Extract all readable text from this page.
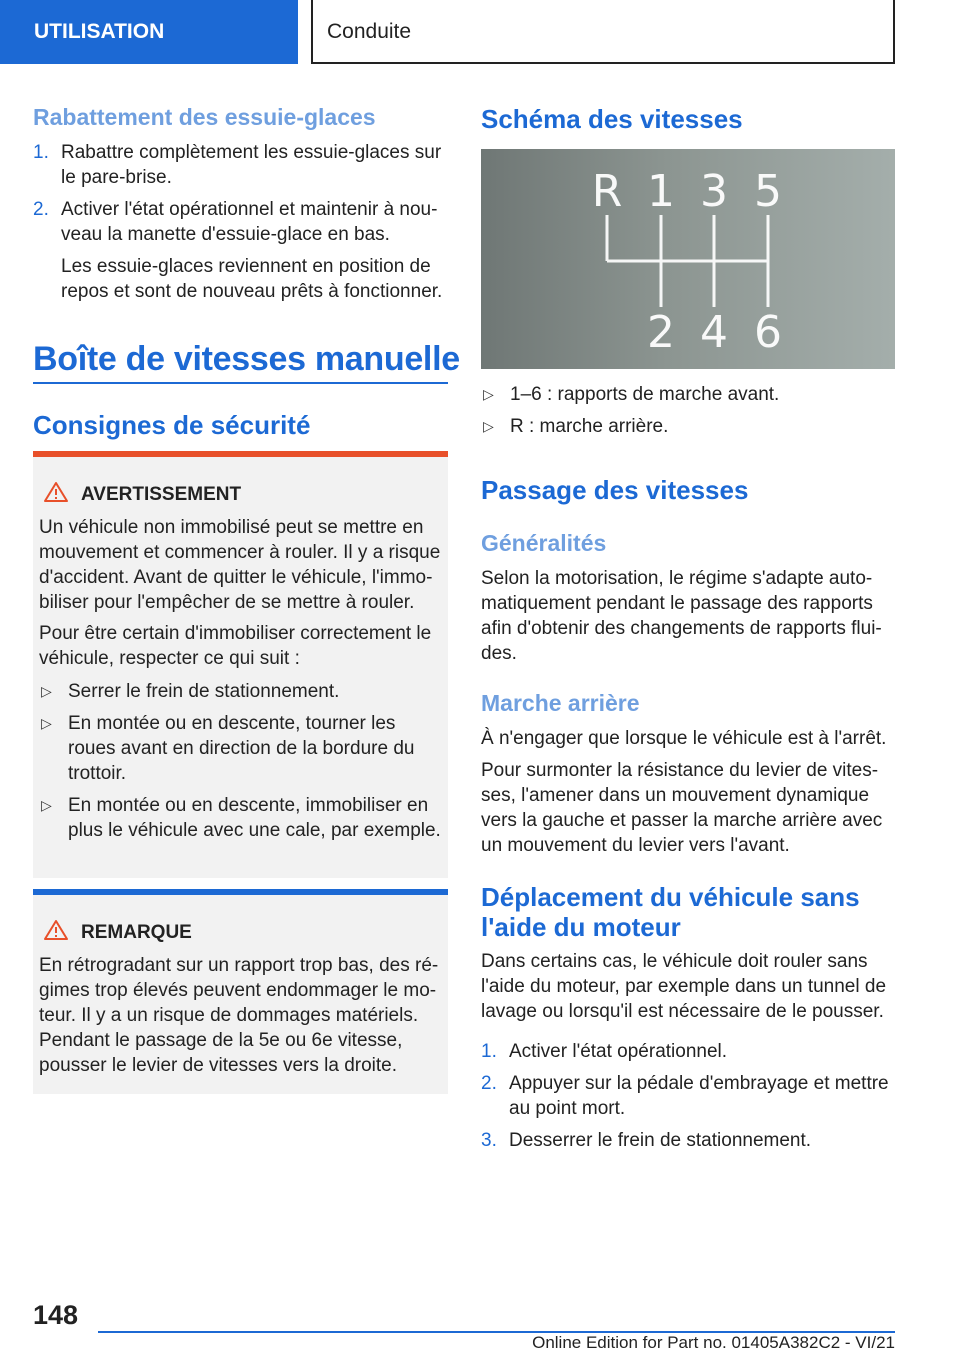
UTILISATION	Conduite
Rabattement des essuie-glaces
1. Rabattre complètement les essuie-glaces sur le pare-brise.
2. Activer l'état opérationnel et maintenir à nou-veau la manette d'essuie-glace en bas.

Les essuie-glaces reviennent en position de repos et sont de nouveau prêts à fonctionner.

Boîte de vitesses manuelle
Consignes de sécurité
AVERTISSEMENT

Un véhicule non immobilisé peut se mettre en mouvement et commencer à rouler. Il y a risque d'accident. Avant de quitter le véhicule, l'immo-biliser pour l'empêcher de se mettre à rouler.

Pour être certain d'immobiliser correctement le véhicule, respecter ce qui suit :

▷ Serrer le frein de stationnement.
▷ En montée ou en descente, tourner les roues avant en direction de la bordure du trottoir.
▷ En montée ou en descente, immobiliser en plus le véhicule avec une cale, par exemple.
REMARQUE

En rétrogradant sur un rapport trop bas, des ré-gimes trop élevés peuvent endommager le mo-teur. Il y a un risque de dommages matériels. Pendant le passage de la 5e ou 6e vitesse, pousser le levier de vitesses vers la droite.

Schéma des vitesses
R 1 3 5
2 4 6
▷ 1–6 : rapports de marche avant.
▷ R : marche arrière.
Passage des vitesses
Généralités

Selon la motorisation, le régime s'adapte auto-matiquement pendant le passage des rapports afin d'obtenir des changements de rapports flui-des.

Marche arrière

À n'engager que lorsque le véhicule est à l'arrêt.

Pour surmonter la résistance du levier de vites-ses, l'amener dans un mouvement dynamique vers la gauche et passer la marche arrière avec un mouvement du levier vers l'avant.

Déplacement du véhicule sans l'aide du moteur

Dans certains cas, le véhicule doit rouler sans l'aide du moteur, par exemple dans un tunnel de lavage ou lorsqu'il est nécessaire de le pousser.

1. Activer l'état opérationnel.
2. Appuyer sur la pédale d'embrayage et mettre au point mort.
3. Desserrer le frein de stationnement.
148
Online Edition for Part no. 01405A382C2 - VI/21
